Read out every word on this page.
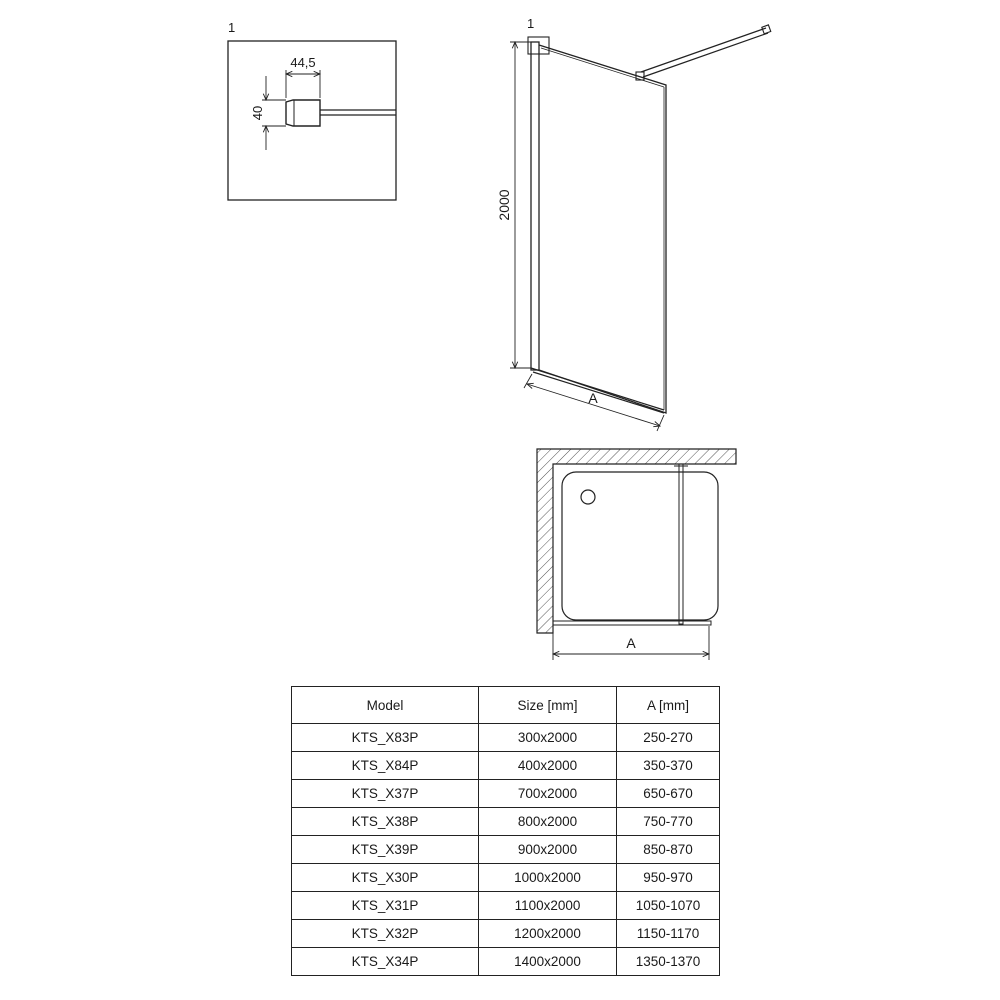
1
44,5
40
1
2000
A
A
Model	Size [mm]	A [mm]
KTS_X83P	300x2000	250-270
KTS_X84P	400x2000	350-370
KTS_X37P	700x2000	650-670
KTS_X38P	800x2000	750-770
KTS_X39P	900x2000	850-870
KTS_X30P	1000x2000	950-970
KTS_X31P	1100x2000	1050-1070
KTS_X32P	1200x2000	1150-1170
KTS_X34P	1400x2000	1350-1370
